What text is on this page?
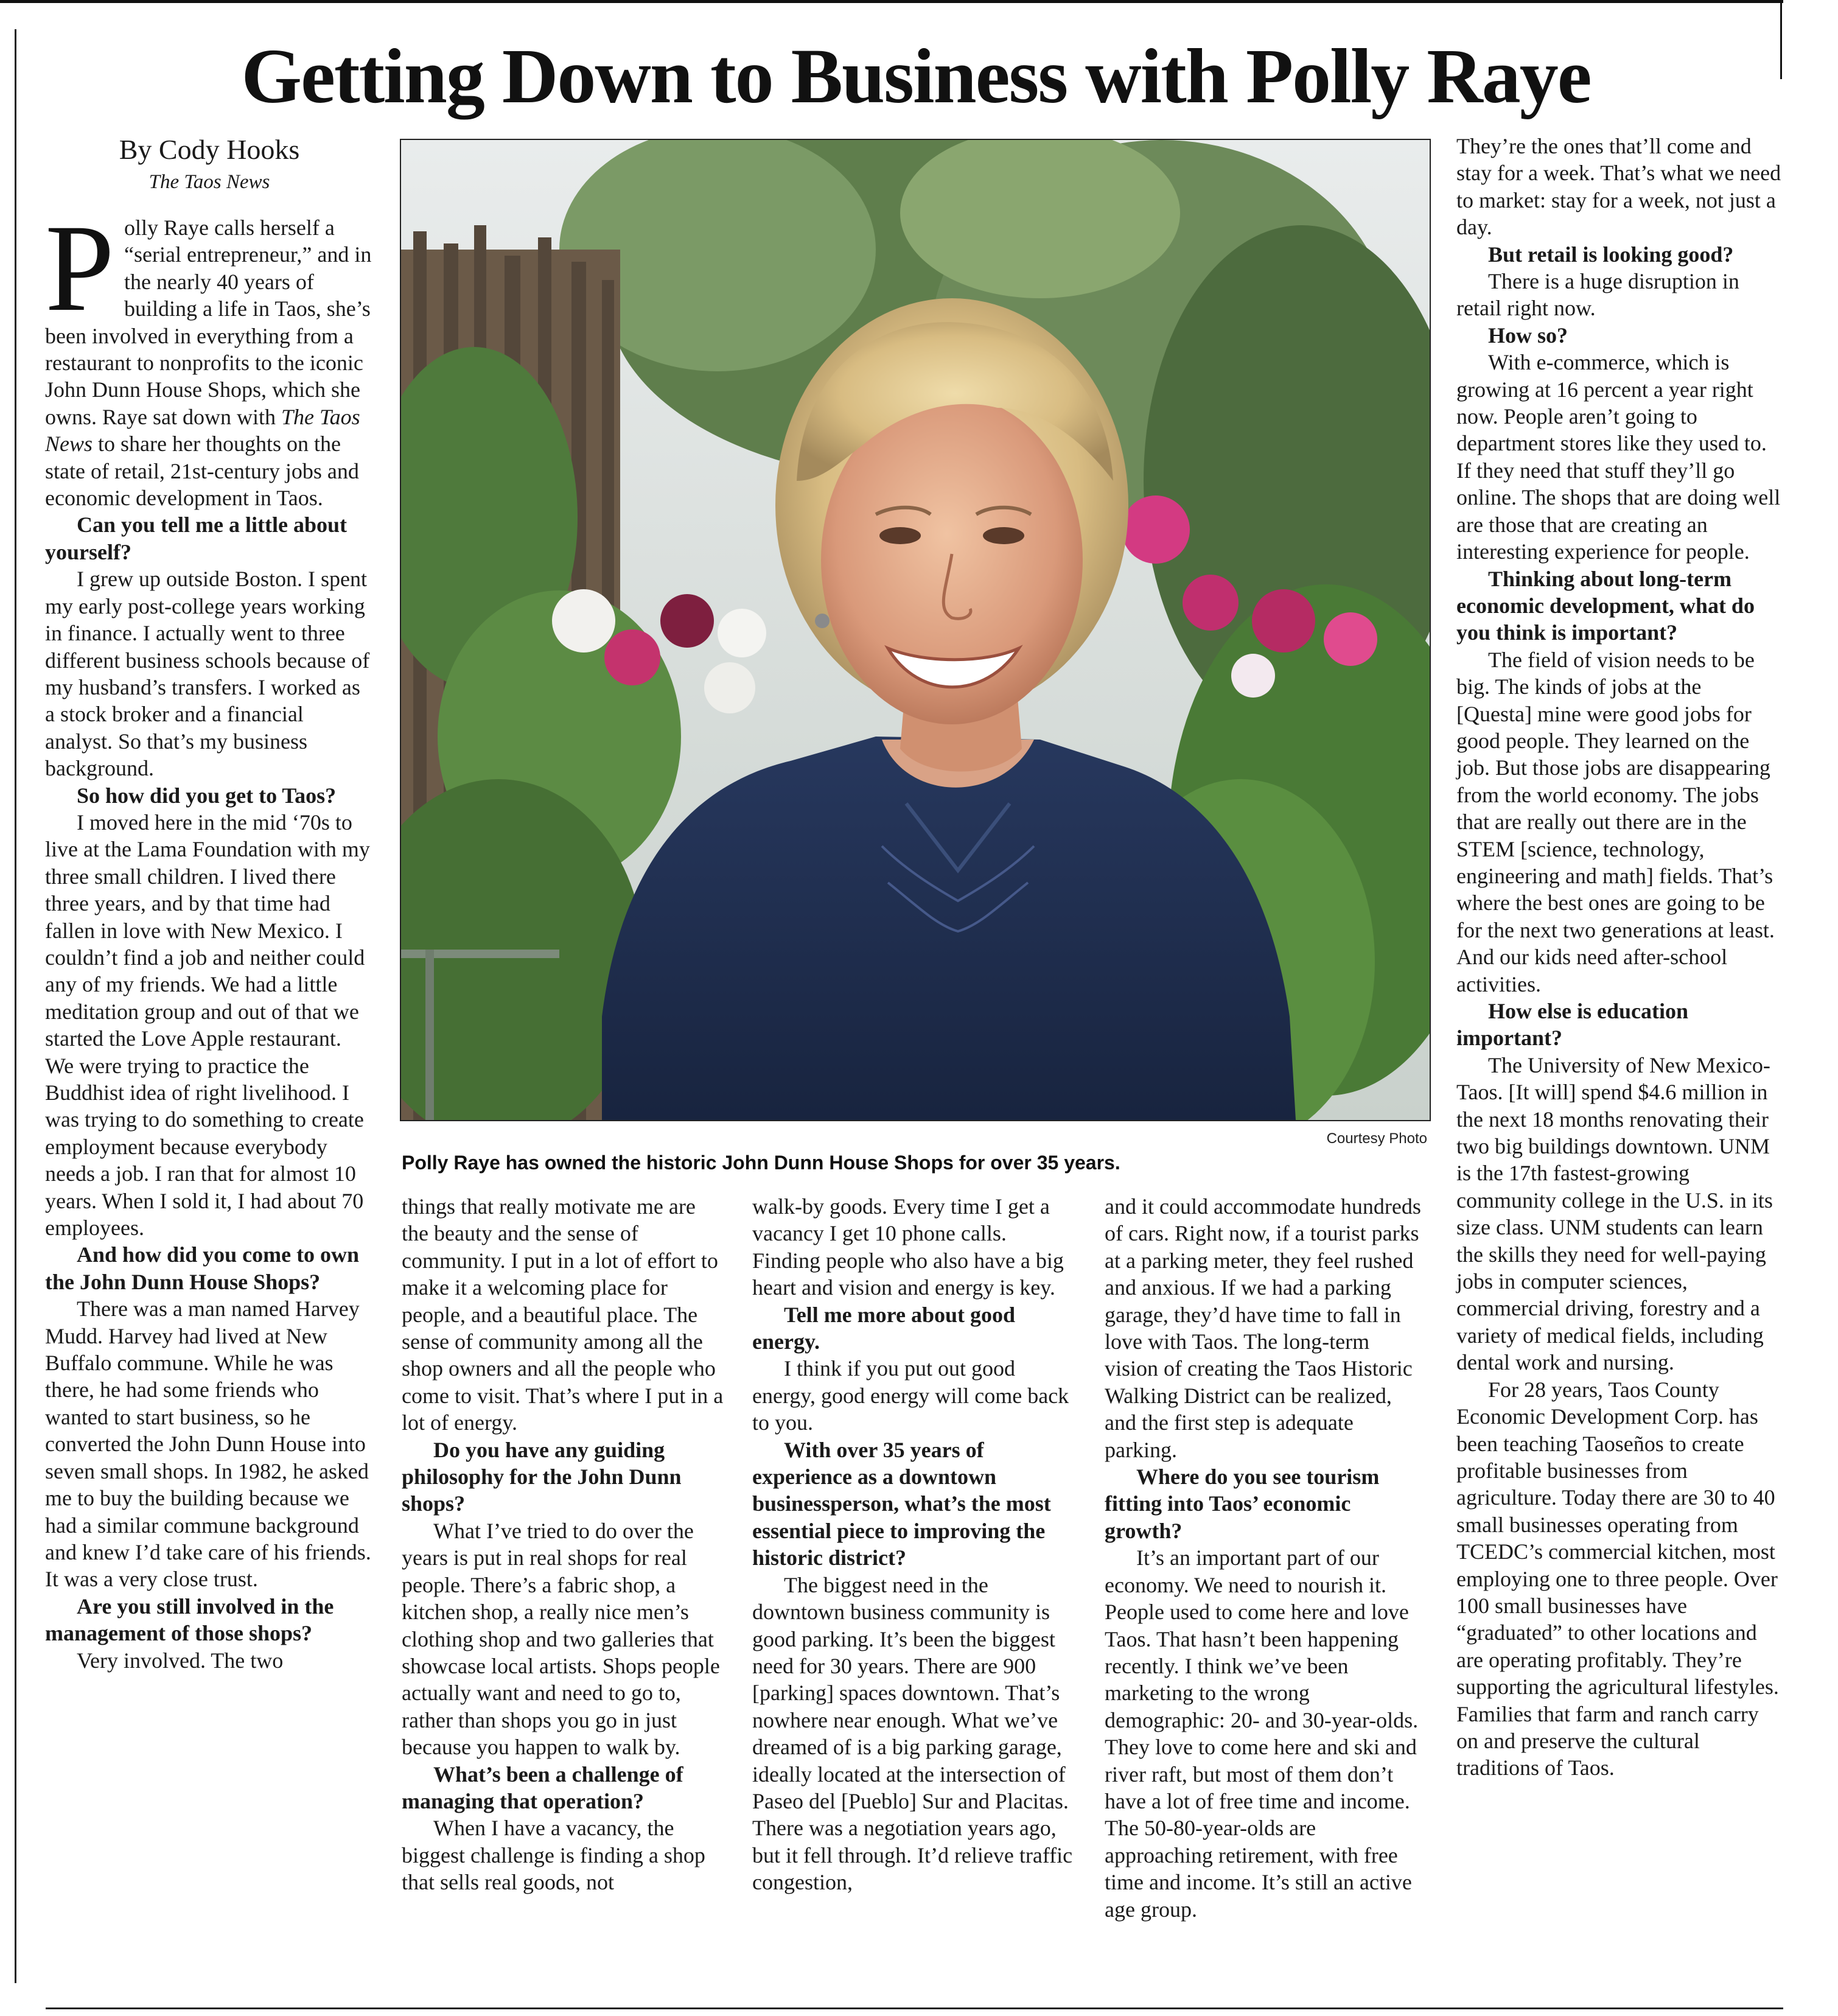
Getting Down to Business with Polly Raye
By Cody Hooks
The Taos News

Polly Raye calls herself a “serial entrepreneur,” and in the nearly 40 years of building a life in Taos, she’s been involved in everything from a restaurant to nonprofits to the iconic John Dunn House Shops, which she owns. Raye sat down with The Taos News to share her thoughts on the state of retail, 21st-century jobs and economic development in Taos.

Can you tell me a little about yourself?

I grew up outside Boston. I spent my early post-college years working in finance. I actually went to three different business schools because of my husband’s transfers. I worked as a stock broker and a financial analyst. So that’s my business background.

So how did you get to Taos?

I moved here in the mid ‘70s to live at the Lama Foundation with my three small children. I lived there three years, and by that time had fallen in love with New Mexico. I couldn’t find a job and neither could any of my friends. We had a little meditation group and out of that we started the Love Apple restaurant. We were trying to practice the Buddhist idea of right livelihood. I was trying to do something to create employment because everybody needs a job. I ran that for almost 10 years. When I sold it, I had about 70 employees.

And how did you come to own the John Dunn House Shops?

There was a man named Harvey Mudd. Harvey had lived at New Buffalo commune. While he was there, he had some friends who wanted to start business, so he converted the John Dunn House into seven small shops. In 1982, he asked me to buy the building because we had a similar commune background and knew I’d take care of his friends. It was a very close trust.

Are you still involved in the management of those shops?

Very involved. The two

Courtesy Photo
Polly Raye has owned the historic John Dunn House Shops for over 35 years.

things that really motivate me are the beauty and the sense of community. I put in a lot of effort to make it a welcoming place for people, and a beautiful place. The sense of community among all the shop owners and all the people who come to visit. That’s where I put in a lot of energy.

Do you have any guiding philosophy for the John Dunn shops?

What I’ve tried to do over the years is put in real shops for real people. There’s a fabric shop, a kitchen shop, a really nice men’s clothing shop and two galleries that showcase local artists. Shops people actually want and need to go to, rather than shops you go in just because you happen to walk by.

What’s been a challenge of managing that operation?

When I have a vacancy, the biggest challenge is finding a shop that sells real goods, not

walk-by goods. Every time I get a vacancy I get 10 phone calls. Finding people who also have a big heart and vision and energy is key.

Tell me more about good energy.

I think if you put out good energy, good energy will come back to you.

With over 35 years of experience as a downtown businessperson, what’s the most essential piece to improving the historic district?

The biggest need in the downtown business community is good parking. It’s been the biggest need for 30 years. There are 900 [parking] spaces downtown. That’s nowhere near enough. What we’ve dreamed of is a big parking garage, ideally located at the intersection of Paseo del [Pueblo] Sur and Placitas. There was a negotiation years ago, but it fell through. It’d relieve traffic congestion,

and it could accommodate hundreds of cars. Right now, if a tourist parks at a parking meter, they feel rushed and anxious. If we had a parking garage, they’d have time to fall in love with Taos. The long-term vision of creating the Taos Historic Walking District can be realized, and the first step is adequate parking.

Where do you see tourism fitting into Taos’ economic growth?

It’s an important part of our economy. We need to nourish it. People used to come here and love Taos. That hasn’t been happening recently. I think we’ve been marketing to the wrong demographic: 20- and 30-year-olds. They love to come here and ski and river raft, but most of them don’t have a lot of free time and income. The 50-80-year-olds are approaching retirement, with free time and income. It’s still an active age group.

They’re the ones that’ll come and stay for a week. That’s what we need to market: stay for a week, not just a day.

But retail is looking good?

There is a huge disruption in retail right now.

How so?

With e-commerce, which is growing at 16 percent a year right now. People aren’t going to department stores like they used to. If they need that stuff they’ll go online. The shops that are doing well are those that are creating an interesting experience for people.

Thinking about long-term economic development, what do you think is important?

The field of vision needs to be big. The kinds of jobs at the [Questa] mine were good jobs for good people. They learned on the job. But those jobs are disappearing from the world economy. The jobs that are really out there are in the STEM [science, technology, engineering and math] fields. That’s where the best ones are going to be for the next two generations at least. And our kids need after-school activities.

How else is education important?

The University of New Mexico-Taos. [It will] spend $4.6 million in the next 18 months renovating their two big buildings downtown. UNM is the 17th fastest-growing community college in the U.S. in its size class. UNM students can learn the skills they need for well-paying jobs in computer sciences, commercial driving, forestry and a variety of medical fields, including dental work and nursing.

For 28 years, Taos County Economic Development Corp. has been teaching Taoseños to create profitable businesses from agriculture. Today there are 30 to 40 small businesses operating from TCEDC’s commercial kitchen, most employing one to three people. Over 100 small businesses have “graduated” to other locations and are operating profitably. They’re supporting the agricultural lifestyles. Families that farm and ranch carry on and preserve the cultural traditions of Taos.
